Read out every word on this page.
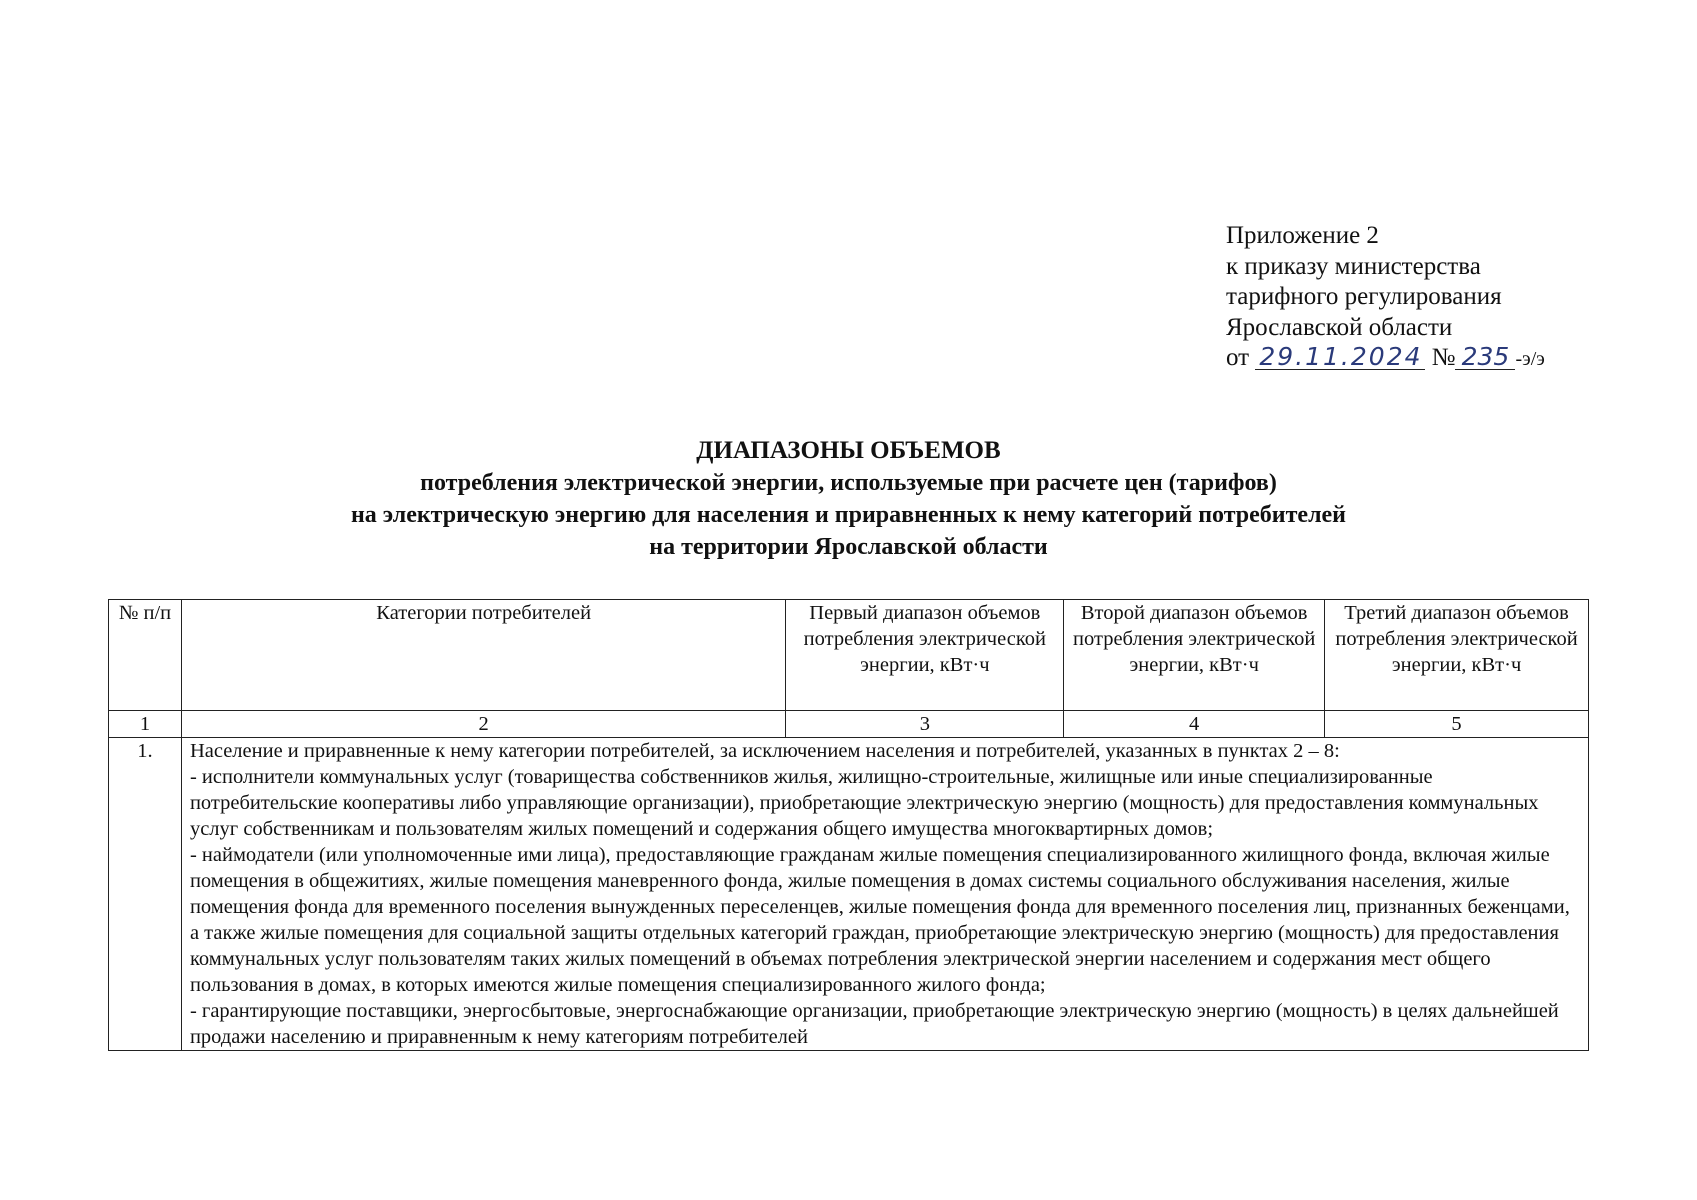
Приложение 2
к приказу министерства
тарифного регулирования
Ярославской области
от 29.11.2024 № 235 -э/э
ДИАПАЗОНЫ ОБЪЕМОВ
потребления электрической энергии, используемые при расчете цен (тарифов)
на электрическую энергию для населения и приравненных к нему категорий потребителей
на территории Ярославской области
№ п/п	Категории потребителей	Первый диапазон объемов потребления электрической энергии, кВт·ч	Второй диапазон объемов потребления электрической энергии, кВт·ч	Третий диапазон объемов потребления электрической энергии, кВт·ч
1	2	3	4	5
1.	Население и приравненные к нему категории потребителей, за исключением населения и потребителей, указанных в пунктах 2 – 8:
- исполнители коммунальных услуг (товарищества собственников жилья, жилищно-строительные, жилищные или иные специализированные потребительские кооперативы либо управляющие организации), приобретающие электрическую энергию (мощность) для предоставления коммунальных услуг собственникам и пользователям жилых помещений и содержания общего имущества многоквартирных домов;
- наймодатели (или уполномоченные ими лица), предоставляющие гражданам жилые помещения специализированного жилищного фонда, включая жилые помещения в общежитиях, жилые помещения маневренного фонда, жилые помещения в домах системы социального обслуживания населения, жилые помещения фонда для временного поселения вынужденных переселенцев, жилые помещения фонда для временного поселения лиц, признанных беженцами, а также жилые помещения для социальной защиты отдельных категорий граждан, приобретающие электрическую энергию (мощность) для предоставления коммунальных услуг пользователям таких жилых помещений в объемах потребления электрической энергии населением и содержания мест общего пользования в домах, в которых имеются жилые помещения специализированного жилого фонда;
- гарантирующие поставщики, энергосбытовые, энергоснабжающие организации, приобретающие электрическую энергию (мощность) в целях дальнейшей продажи населению и приравненным к нему категориям потребителей			
